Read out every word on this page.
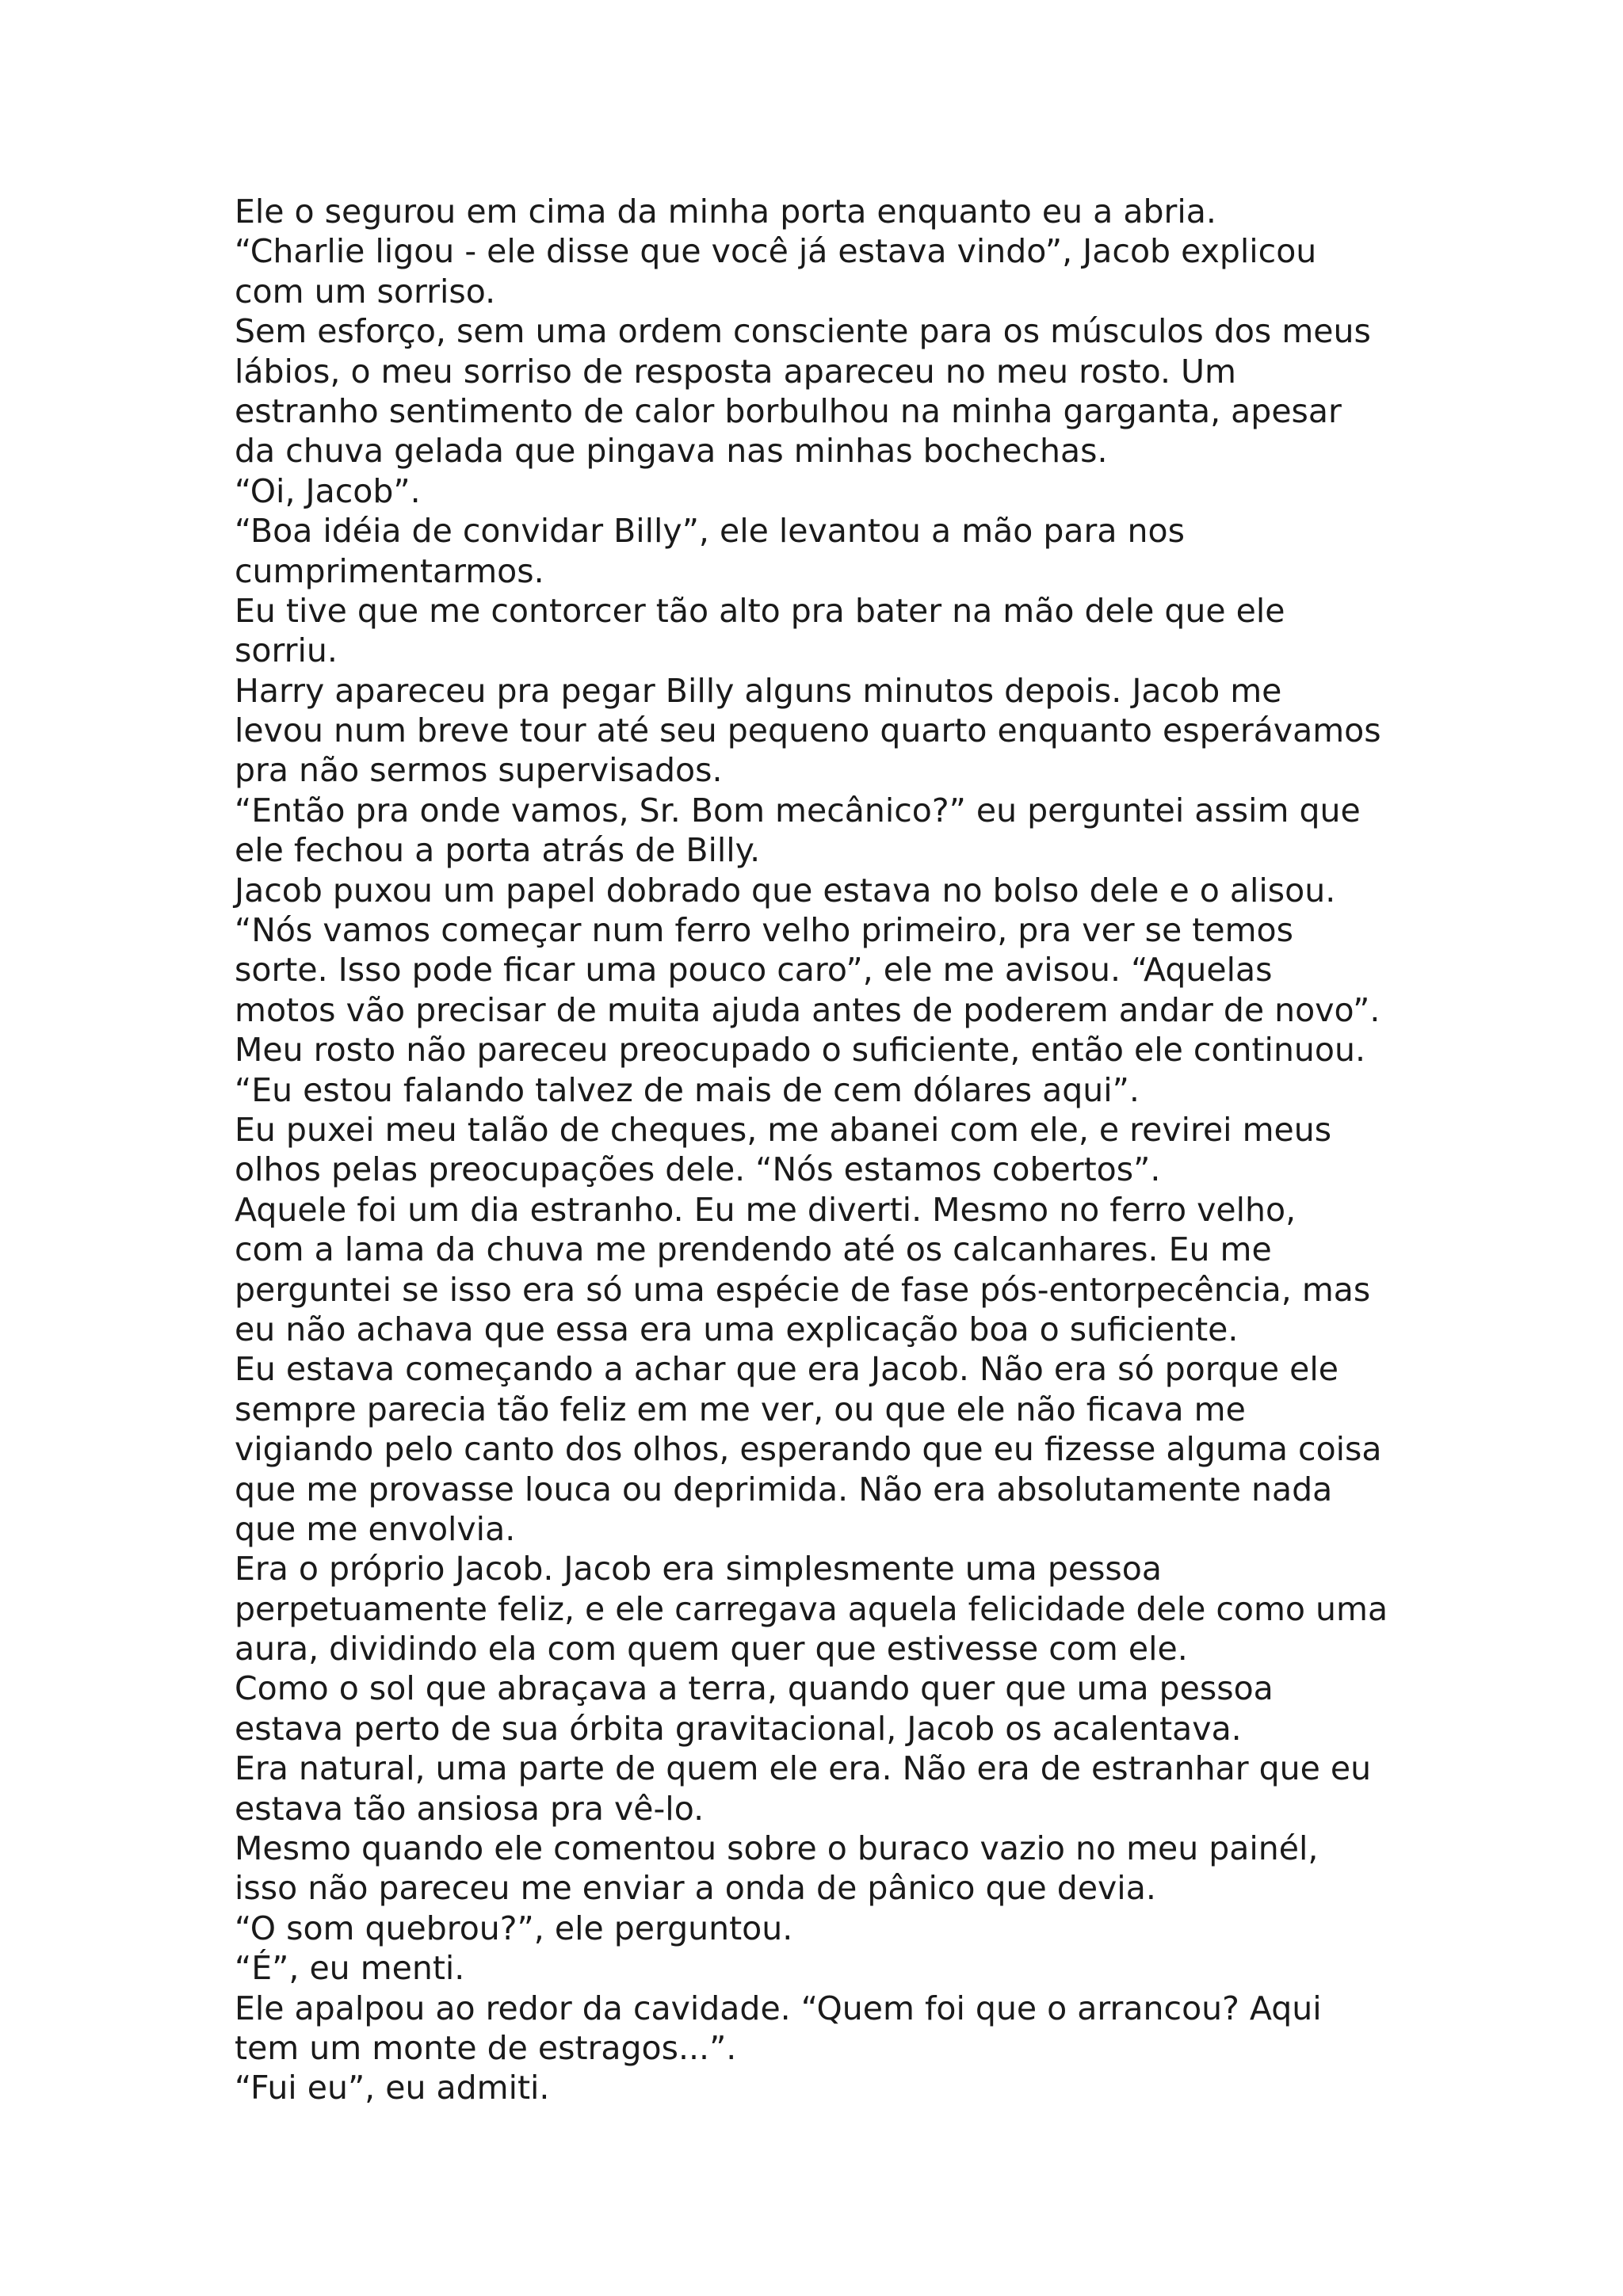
Ele o segurou em cima da minha porta enquanto eu a abria.
“Charlie ligou - ele disse que você já estava vindo”, Jacob explicou
com um sorriso.
Sem esforço, sem uma ordem consciente para os músculos dos meus
lábios, o meu sorriso de resposta apareceu no meu rosto. Um
estranho sentimento de calor borbulhou na minha garganta, apesar
da chuva gelada que pingava nas minhas bochechas.
“Oi, Jacob”.
“Boa idéia de convidar Billy”, ele levantou a mão para nos
cumprimentarmos.
Eu tive que me contorcer tão alto pra bater na mão dele que ele
sorriu.
Harry apareceu pra pegar Billy alguns minutos depois. Jacob me
levou num breve tour até seu pequeno quarto enquanto esperávamos
pra não sermos supervisados.
“Então pra onde vamos, Sr. Bom mecânico?” eu perguntei assim que
ele fechou a porta atrás de Billy.
Jacob puxou um papel dobrado que estava no bolso dele e o alisou.
“Nós vamos começar num ferro velho primeiro, pra ver se temos
sorte. Isso pode ficar uma pouco caro”, ele me avisou. “Aquelas
motos vão precisar de muita ajuda antes de poderem andar de novo”.
Meu rosto não pareceu preocupado o suficiente, então ele continuou.
“Eu estou falando talvez de mais de cem dólares aqui”.
Eu puxei meu talão de cheques, me abanei com ele, e revirei meus
olhos pelas preocupações dele. “Nós estamos cobertos”.
Aquele foi um dia estranho. Eu me diverti. Mesmo no ferro velho,
com a lama da chuva me prendendo até os calcanhares. Eu me
perguntei se isso era só uma espécie de fase pós-entorpecência, mas
eu não achava que essa era uma explicação boa o suficiente.
Eu estava começando a achar que era Jacob. Não era só porque ele
sempre parecia tão feliz em me ver, ou que ele não ficava me
vigiando pelo canto dos olhos, esperando que eu fizesse alguma coisa
que me provasse louca ou deprimida. Não era absolutamente nada
que me envolvia.
Era o próprio Jacob. Jacob era simplesmente uma pessoa
perpetuamente feliz, e ele carregava aquela felicidade dele como uma
aura, dividindo ela com quem quer que estivesse com ele.
Como o sol que abraçava a terra, quando quer que uma pessoa
estava perto de sua órbita gravitacional, Jacob os acalentava.
Era natural, uma parte de quem ele era. Não era de estranhar que eu
estava tão ansiosa pra vê-lo.
Mesmo quando ele comentou sobre o buraco vazio no meu painél,
isso não pareceu me enviar a onda de pânico que devia.
“O som quebrou?”, ele perguntou.
“É”, eu menti.
Ele apalpou ao redor da cavidade. “Quem foi que o arrancou? Aqui
tem um monte de estragos...”.
“Fui eu”, eu admiti.
